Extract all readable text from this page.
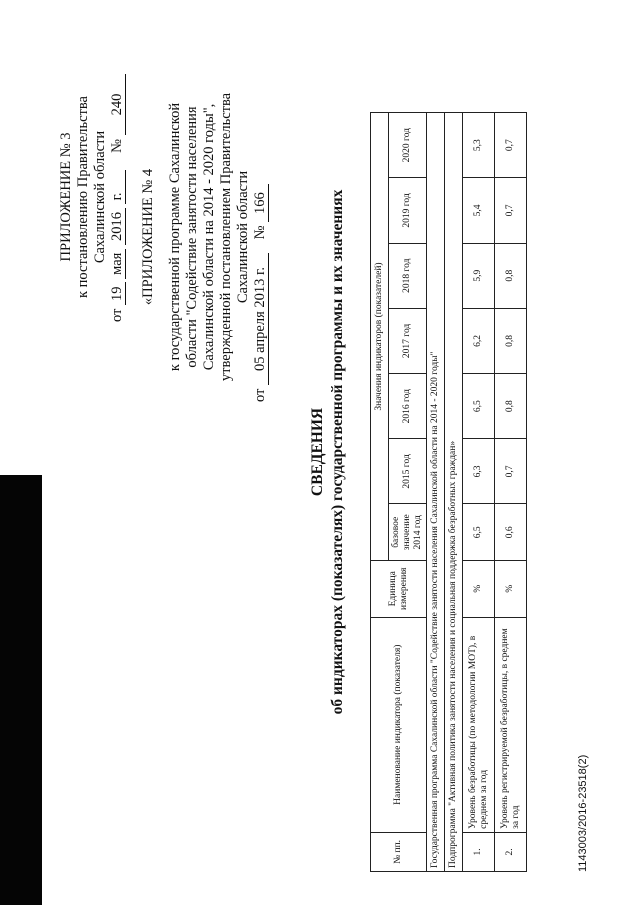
ПРИЛОЖЕНИЕ № 3 к постановлению Правительства Сахалинской области
от 19 мая 2016 г. № 240
«ПРИЛОЖЕНИЕ № 4 к государственной программе Сахалинской области "Содействие занятости населения Сахалинской области на 2014 - 2020 годы", утвержденной постановлением Правительства Сахалинской области
от 05 апреля 2013 г. № 166
СВЕДЕНИЯ об индикаторах (показателях) государственной программы и их значениях
№ пп.	Наименование индикатора (показателя)	Единица измерения	Значения индикаторов (показателей)						
			базовое значение 2014 год	2015 год	2016 год	2017 год	2018 год	2019 год	2020 год
Государственная программа Сахалинской области "Содействие занятости населения Сахалинской области на 2014 - 2020 годы"									
Подпрограмма "Активная политика занятости населения и социальная поддержка безработных граждан»									
1.	Уровень безработицы (по методологии МОТ), в среднем за год	%	6,5	6,3	6,5	6,2	5,9	5,4	5,3
2.	Уровень регистрируемой безработицы, в среднем за год	%	0,6	0,7	0,8	0,8	0,8	0,7	0,7
1143003/2016-23518(2)
